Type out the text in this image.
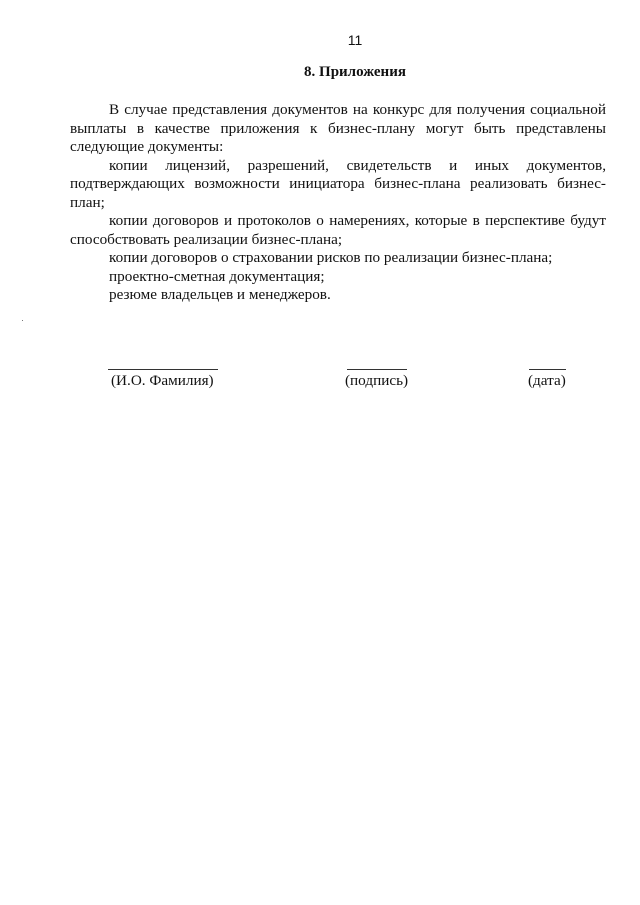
11
8. Приложения

В случае представления документов на конкурс для получения социальной выплаты в качестве приложения к бизнес-плану могут быть представлены следующие документы:

копии лицензий, разрешений, свидетельств и иных документов, подтверждающих возможности инициатора бизнес-плана реализовать бизнес-план;

копии договоров и протоколов о намерениях, которые в перспективе будут способствовать реализации бизнес-плана;

копии договоров о страховании рисков по реализации бизнес-плана;

проектно-сметная документация;

резюме владельцев и менеджеров.

(И.О. Фамилия)	(подпись)	(дата)
